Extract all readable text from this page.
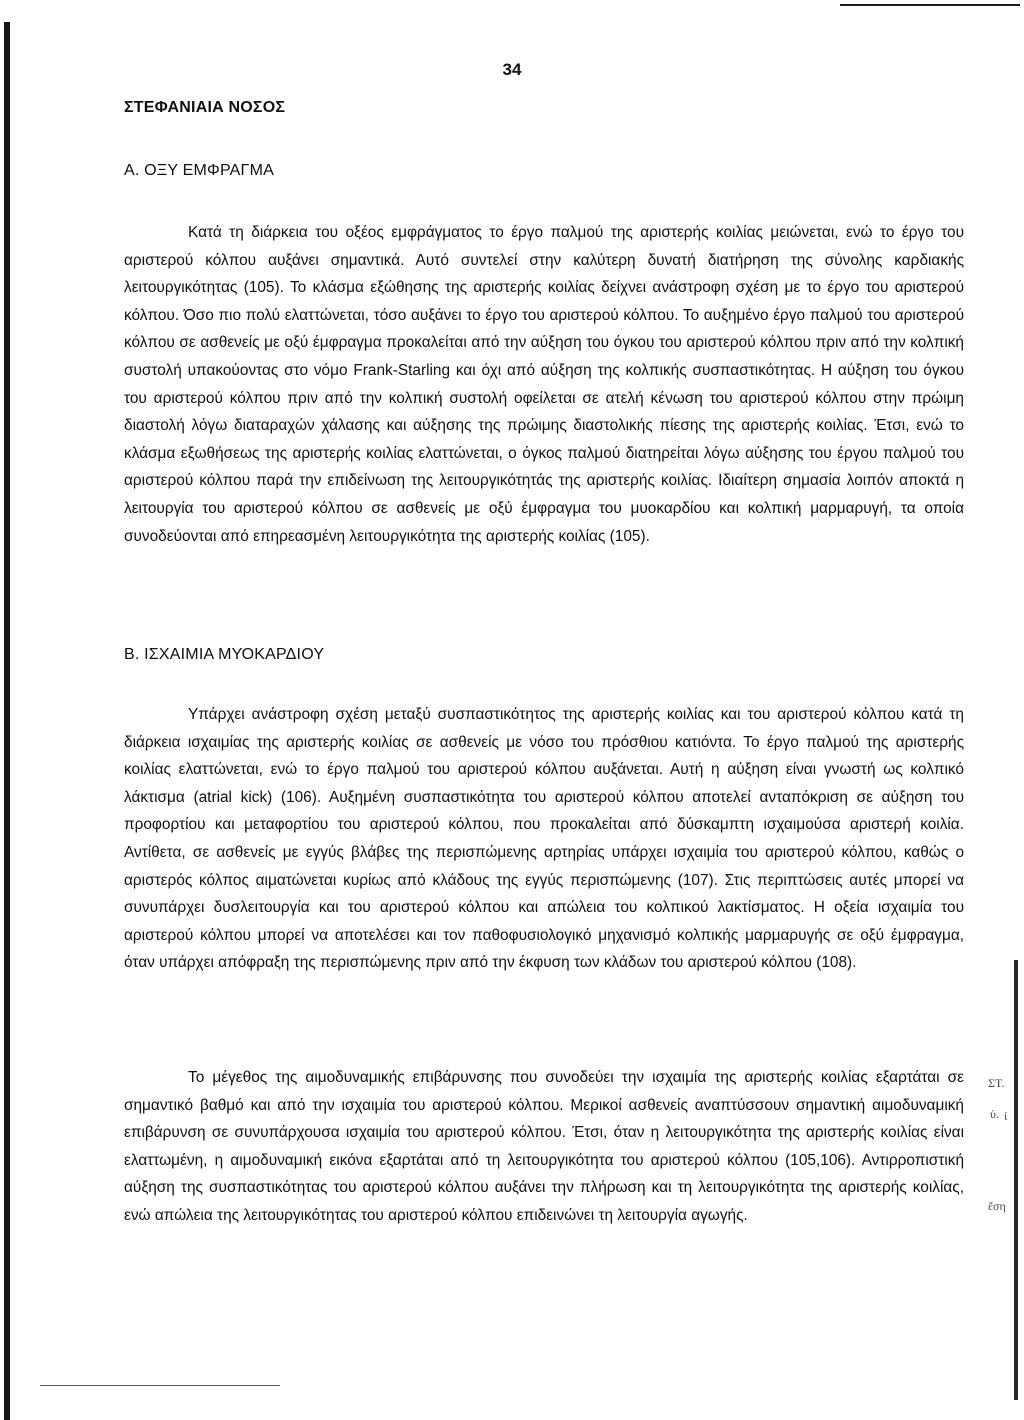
34
ΣΤΕΦΑΝΙΑΙΑ ΝΟΣΟΣ
Α. ΟΞΥ ΕΜΦΡΑΓΜΑ
Κατά τη διάρκεια του οξέος εμφράγματος το έργο παλμού της αριστερής κοιλίας μειώνεται, ενώ το έργο του αριστερού κόλπου αυξάνει σημαντικά. Αυτό συντελεί στην καλύτερη δυνατή διατήρηση της σύνολης καρδιακής λειτουργικότητας (105). Το κλάσμα εξώθησης της αριστερής κοιλίας δείχνει ανάστροφη σχέση με το έργο του αριστερού κόλπου. Όσο πιο πολύ ελαττώνεται, τόσο αυξάνει το έργο του αριστερού κόλπου. Το αυξημένο έργο παλμού του αριστερού κόλπου σε ασθενείς με οξύ έμφραγμα προκαλείται από την αύξηση του όγκου του αριστερού κόλπου πριν από την κολπική συστολή υπακούοντας στο νόμο Frank-Starling και όχι από αύξηση της κολπικής συσπαστικότητας. Η αύξηση του όγκου του αριστερού κόλπου πριν από την κολπική συστολή οφείλεται σε ατελή κένωση του αριστερού κόλπου στην πρώιμη διαστολή λόγω διαταραχών χάλασης και αύξησης της πρώιμης διαστολικής πίεσης της αριστερής κοιλίας. Έτσι, ενώ το κλάσμα εξωθήσεως της αριστερής κοιλίας ελαττώνεται, ο όγκος παλμού διατηρείται λόγω αύξησης του έργου παλμού του αριστερού κόλπου παρά την επιδείνωση της λειτουργικότητάς της αριστερής κοιλίας. Ιδιαίτερη σημασία λοιπόν αποκτά η λειτουργία του αριστερού κόλπου σε ασθενείς με οξύ έμφραγμα του μυοκαρδίου και κολπική μαρμαρυγή, τα οποία συνοδεύονται από επηρεασμένη λειτουργικότητα της αριστερής κοιλίας (105).
Β. ΙΣΧΑΙΜΙΑ ΜΥΟΚΑΡΔΙΟΥ
Υπάρχει ανάστροφη σχέση μεταξύ συσπαστικότητος της αριστερής κοιλίας και του αριστερού κόλπου κατά τη διάρκεια ισχαιμίας της αριστερής κοιλίας σε ασθενείς με νόσο του πρόσθιου κατιόντα. Το έργο παλμού της αριστερής κοιλίας ελαττώνεται, ενώ το έργο παλμού του αριστερού κόλπου αυξάνεται. Αυτή η αύξηση είναι γνωστή ως κολπικό λάκτισμα (atrial kick) (106). Αυξημένη συσπαστικότητα του αριστερού κόλπου αποτελεί ανταπόκριση σε αύξηση του προφορτίου και μεταφορτίου του αριστερού κόλπου, που προκαλείται από δύσκαμπτη ισχαιμούσα αριστερή κοιλία. Αντίθετα, σε ασθενείς με εγγύς βλάβες της περισπώμενης αρτηρίας υπάρχει ισχαιμία του αριστερού κόλπου, καθώς ο αριστερός κόλπος αιματώνεται κυρίως από κλάδους της εγγύς περισπώμενης (107). Στις περιπτώσεις αυτές μπορεί να συνυπάρχει δυσλειτουργία και του αριστερού κόλπου και απώλεια του κολπικού λακτίσματος. Η οξεία ισχαιμία του αριστερού κόλπου μπορεί να αποτελέσει και τον παθοφυσιολογικό μηχανισμό κολπικής μαρμαρυγής σε οξύ έμφραγμα, όταν υπάρχει απόφραξη της περισπώμενης πριν από την έκφυση των κλάδων του αριστερού κόλπου (108).
Το μέγεθος της αιμοδυναμικής επιβάρυνσης που συνοδεύει την ισχαιμία της αριστερής κοιλίας εξαρτάται σε σημαντικό βαθμό και από την ισχαιμία του αριστερού κόλπου. Μερικοί ασθενείς αναπτύσσουν σημαντική αιμοδυναμική επιβάρυνση σε συνυπάρχουσα ισχαιμία του αριστερού κόλπου. Έτσι, όταν η λειτουργικότητα της αριστερής κοιλίας είναι ελαττωμένη, η αιμοδυναμική εικόνα εξαρτάται από τη λειτουργικότητα του αριστερού κόλπου (105,106). Αντιρροπιστική αύξηση της συσπαστικότητας του αριστερού κόλπου αυξάνει την πλήρωση και τη λειτουργικότητα της αριστερής κοιλίας, ενώ απώλεια της λειτουργικότητας του αριστερού κόλπου επιδεινώνει τη λειτουργία αγωγής.
ΣΤ.
ὑ. ί
ἔση
